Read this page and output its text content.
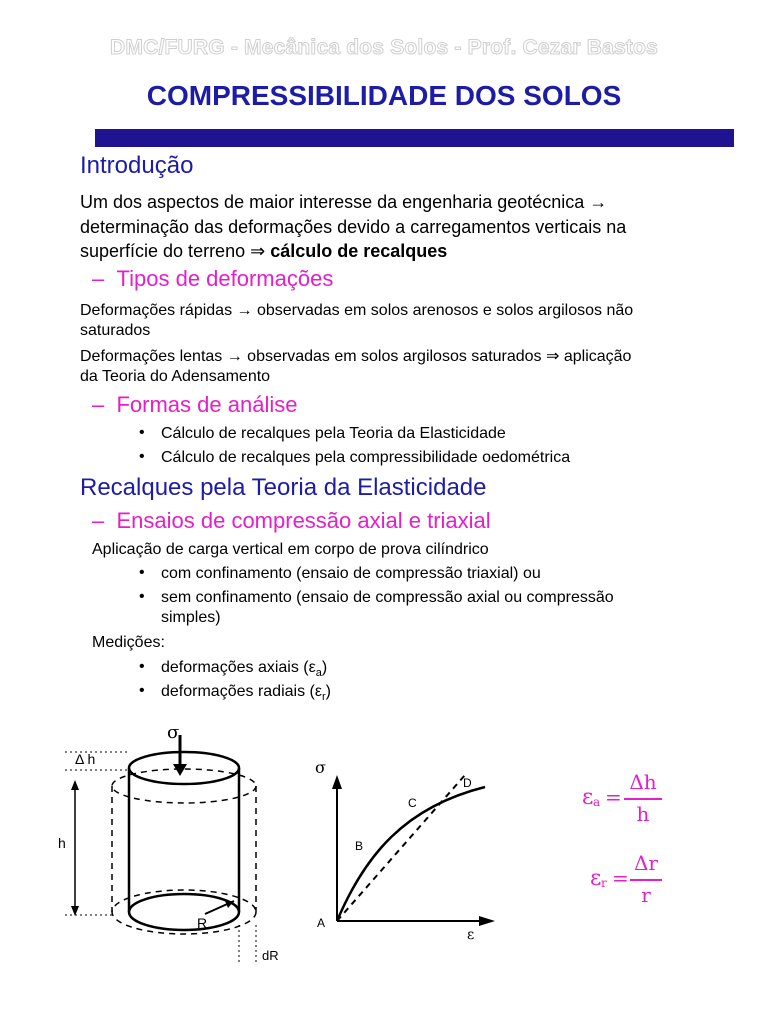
DMC/FURG - Mecânica dos Solos - Prof. Cezar Bastos
COMPRESSIBILIDADE DOS SOLOS
Introdução
Um dos aspectos de maior interesse da engenharia geotécnica →
determinação das deformações devido a carregamentos verticais na
superfície do terreno ⇒ cálculo de recalques
– Tipos de deformações
Deformações rápidas → observadas em solos arenosos e solos argilosos não
saturados
Deformações lentas → observadas em solos argilosos saturados ⇒ aplicação
da Teoria do Adensamento
– Formas de análise
• Cálculo de recalques pela Teoria da Elasticidade
• Cálculo de recalques pela compressibilidade oedométrica
Recalques pela Teoria da Elasticidade
– Ensaios de compressão axial e triaxial
Aplicação de carga vertical em corpo de prova cilíndrico
• com confinamento (ensaio de compressão triaxial) ou
• sem confinamento (ensaio de compressão axial ou compressão
simples)
Medições:
• deformações axiais $(\varepsilon_a)$
• deformações radiais $(\varepsilon_r)$
σ
Δ h
h
R
dR
σ
ε
A
B
C
D
ε a =
Δh
h
ε r =
Δr
r
